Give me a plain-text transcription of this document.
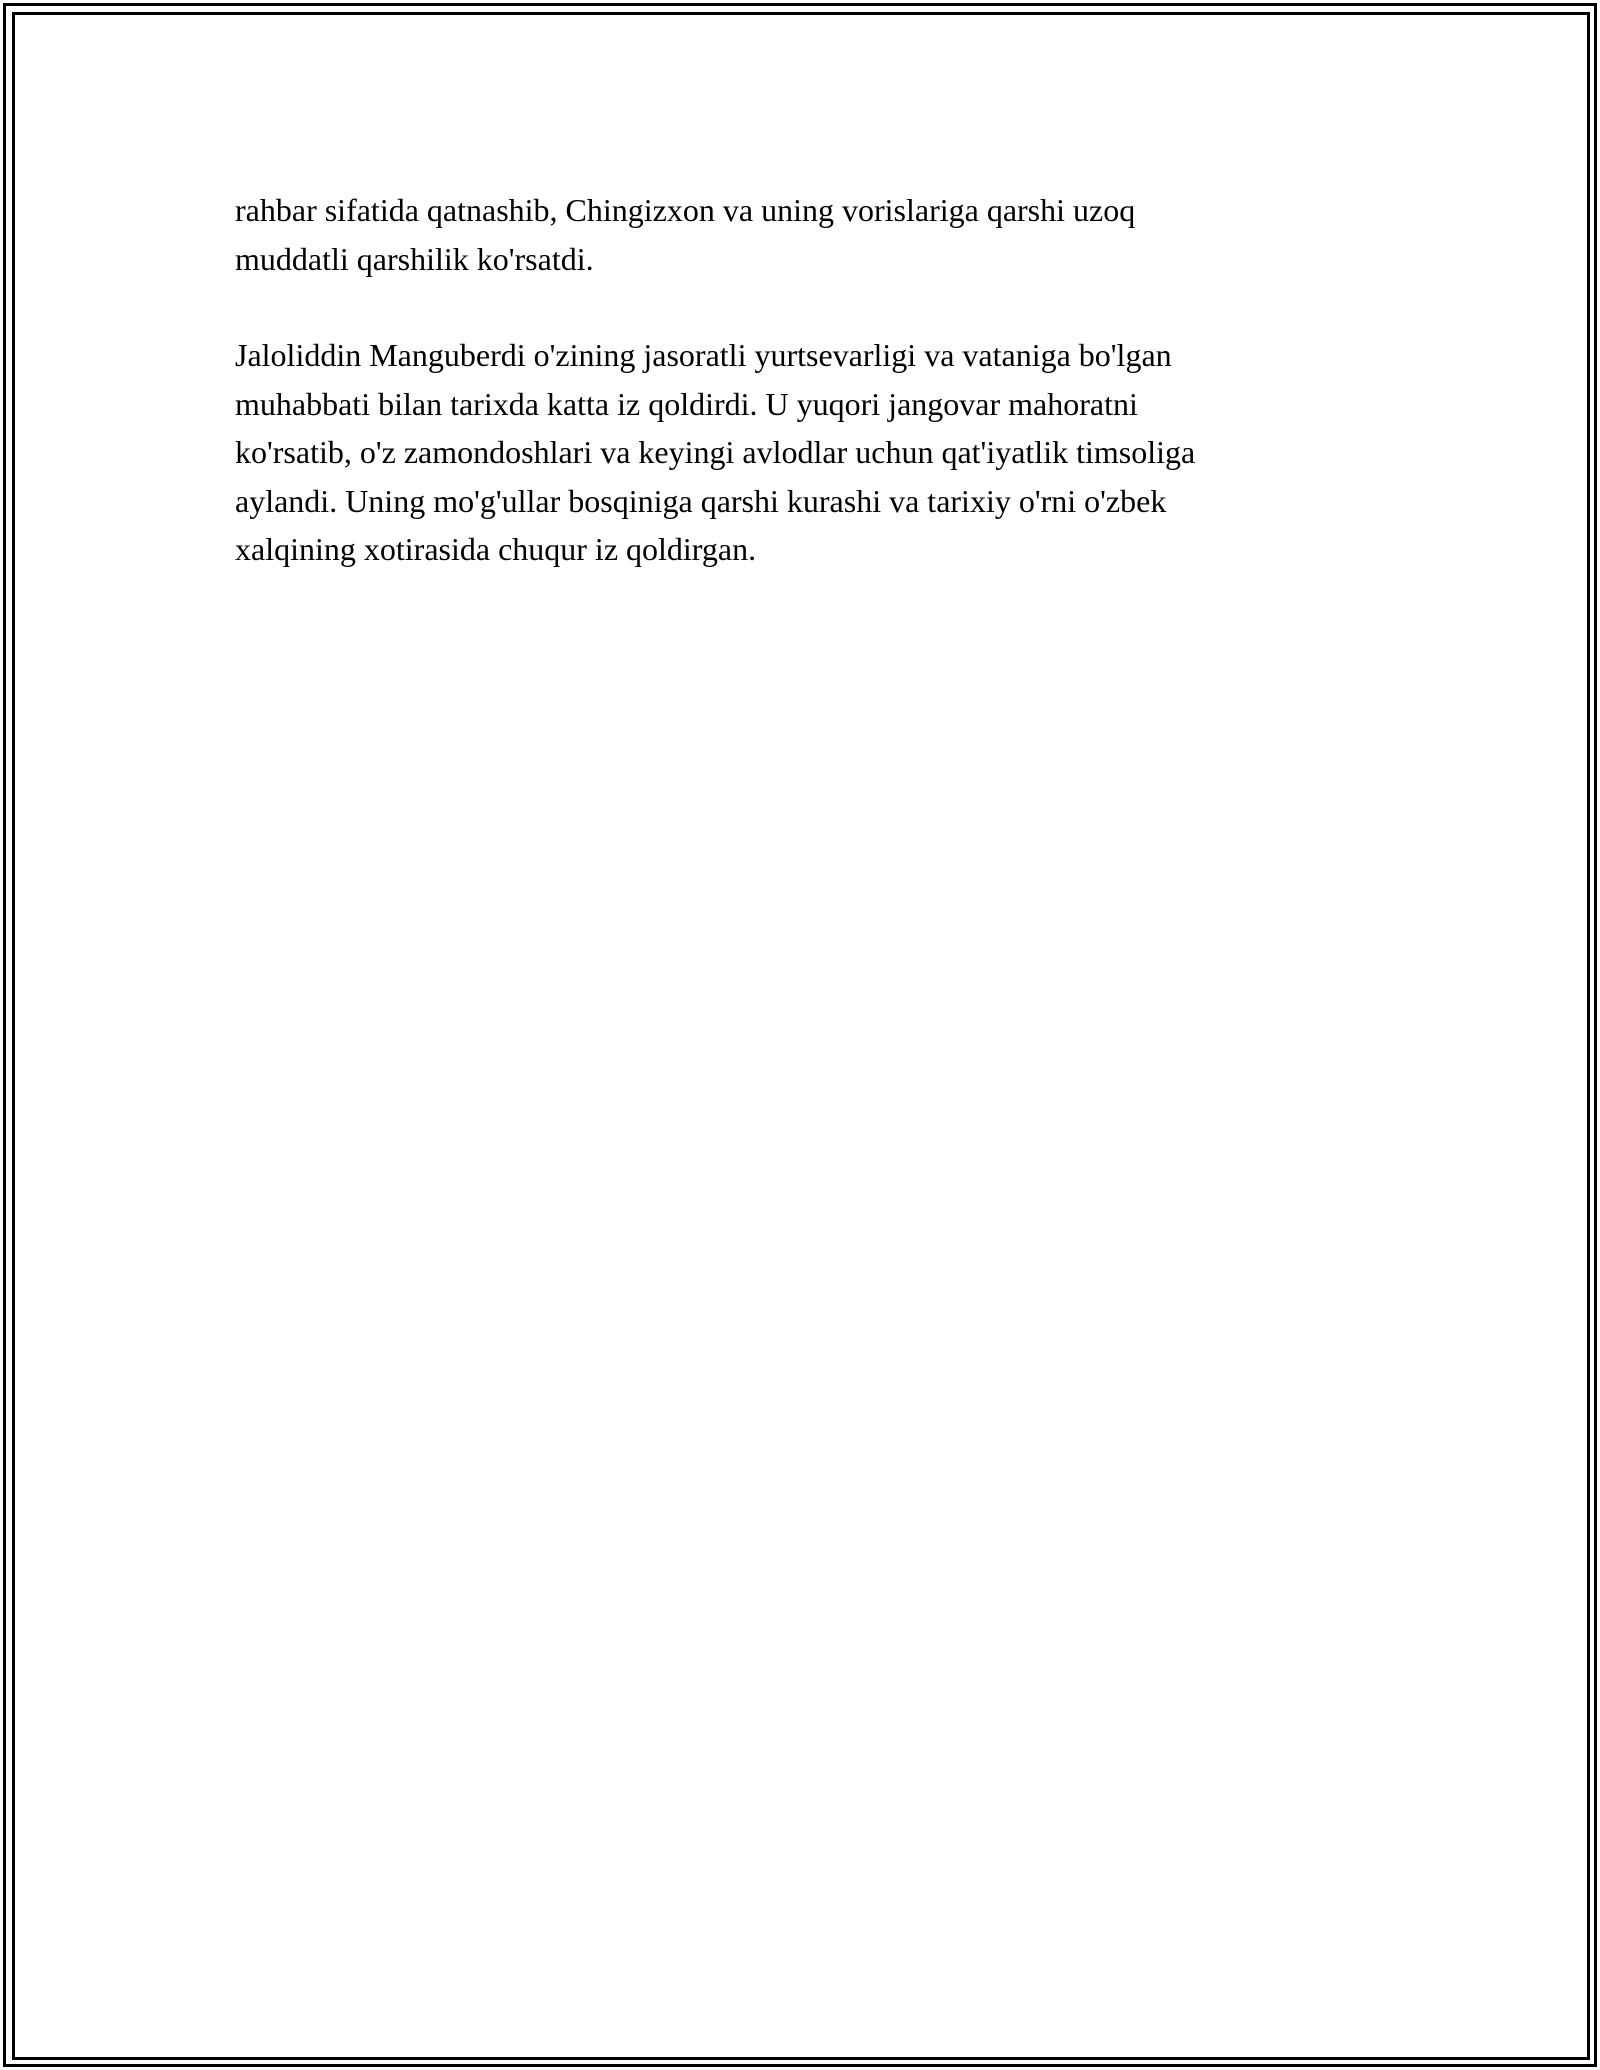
rahbar sifatida qatnashib, Chingizxon va uning vorislariga qarshi uzoq
muddatli qarshilik ko'rsatdi.

Jaloliddin Manguberdi o'zining jasoratli yurtsevarligi va vataniga bo'lgan
muhabbati bilan tarixda katta iz qoldirdi. U yuqori jangovar mahoratni
ko'rsatib, o'z zamondoshlari va keyingi avlodlar uchun qat'iyatlik timsoliga
aylandi. Uning mo'g'ullar bosqiniga qarshi kurashi va tarixiy o'rni o'zbek
xalqining xotirasida chuqur iz qoldirgan.
